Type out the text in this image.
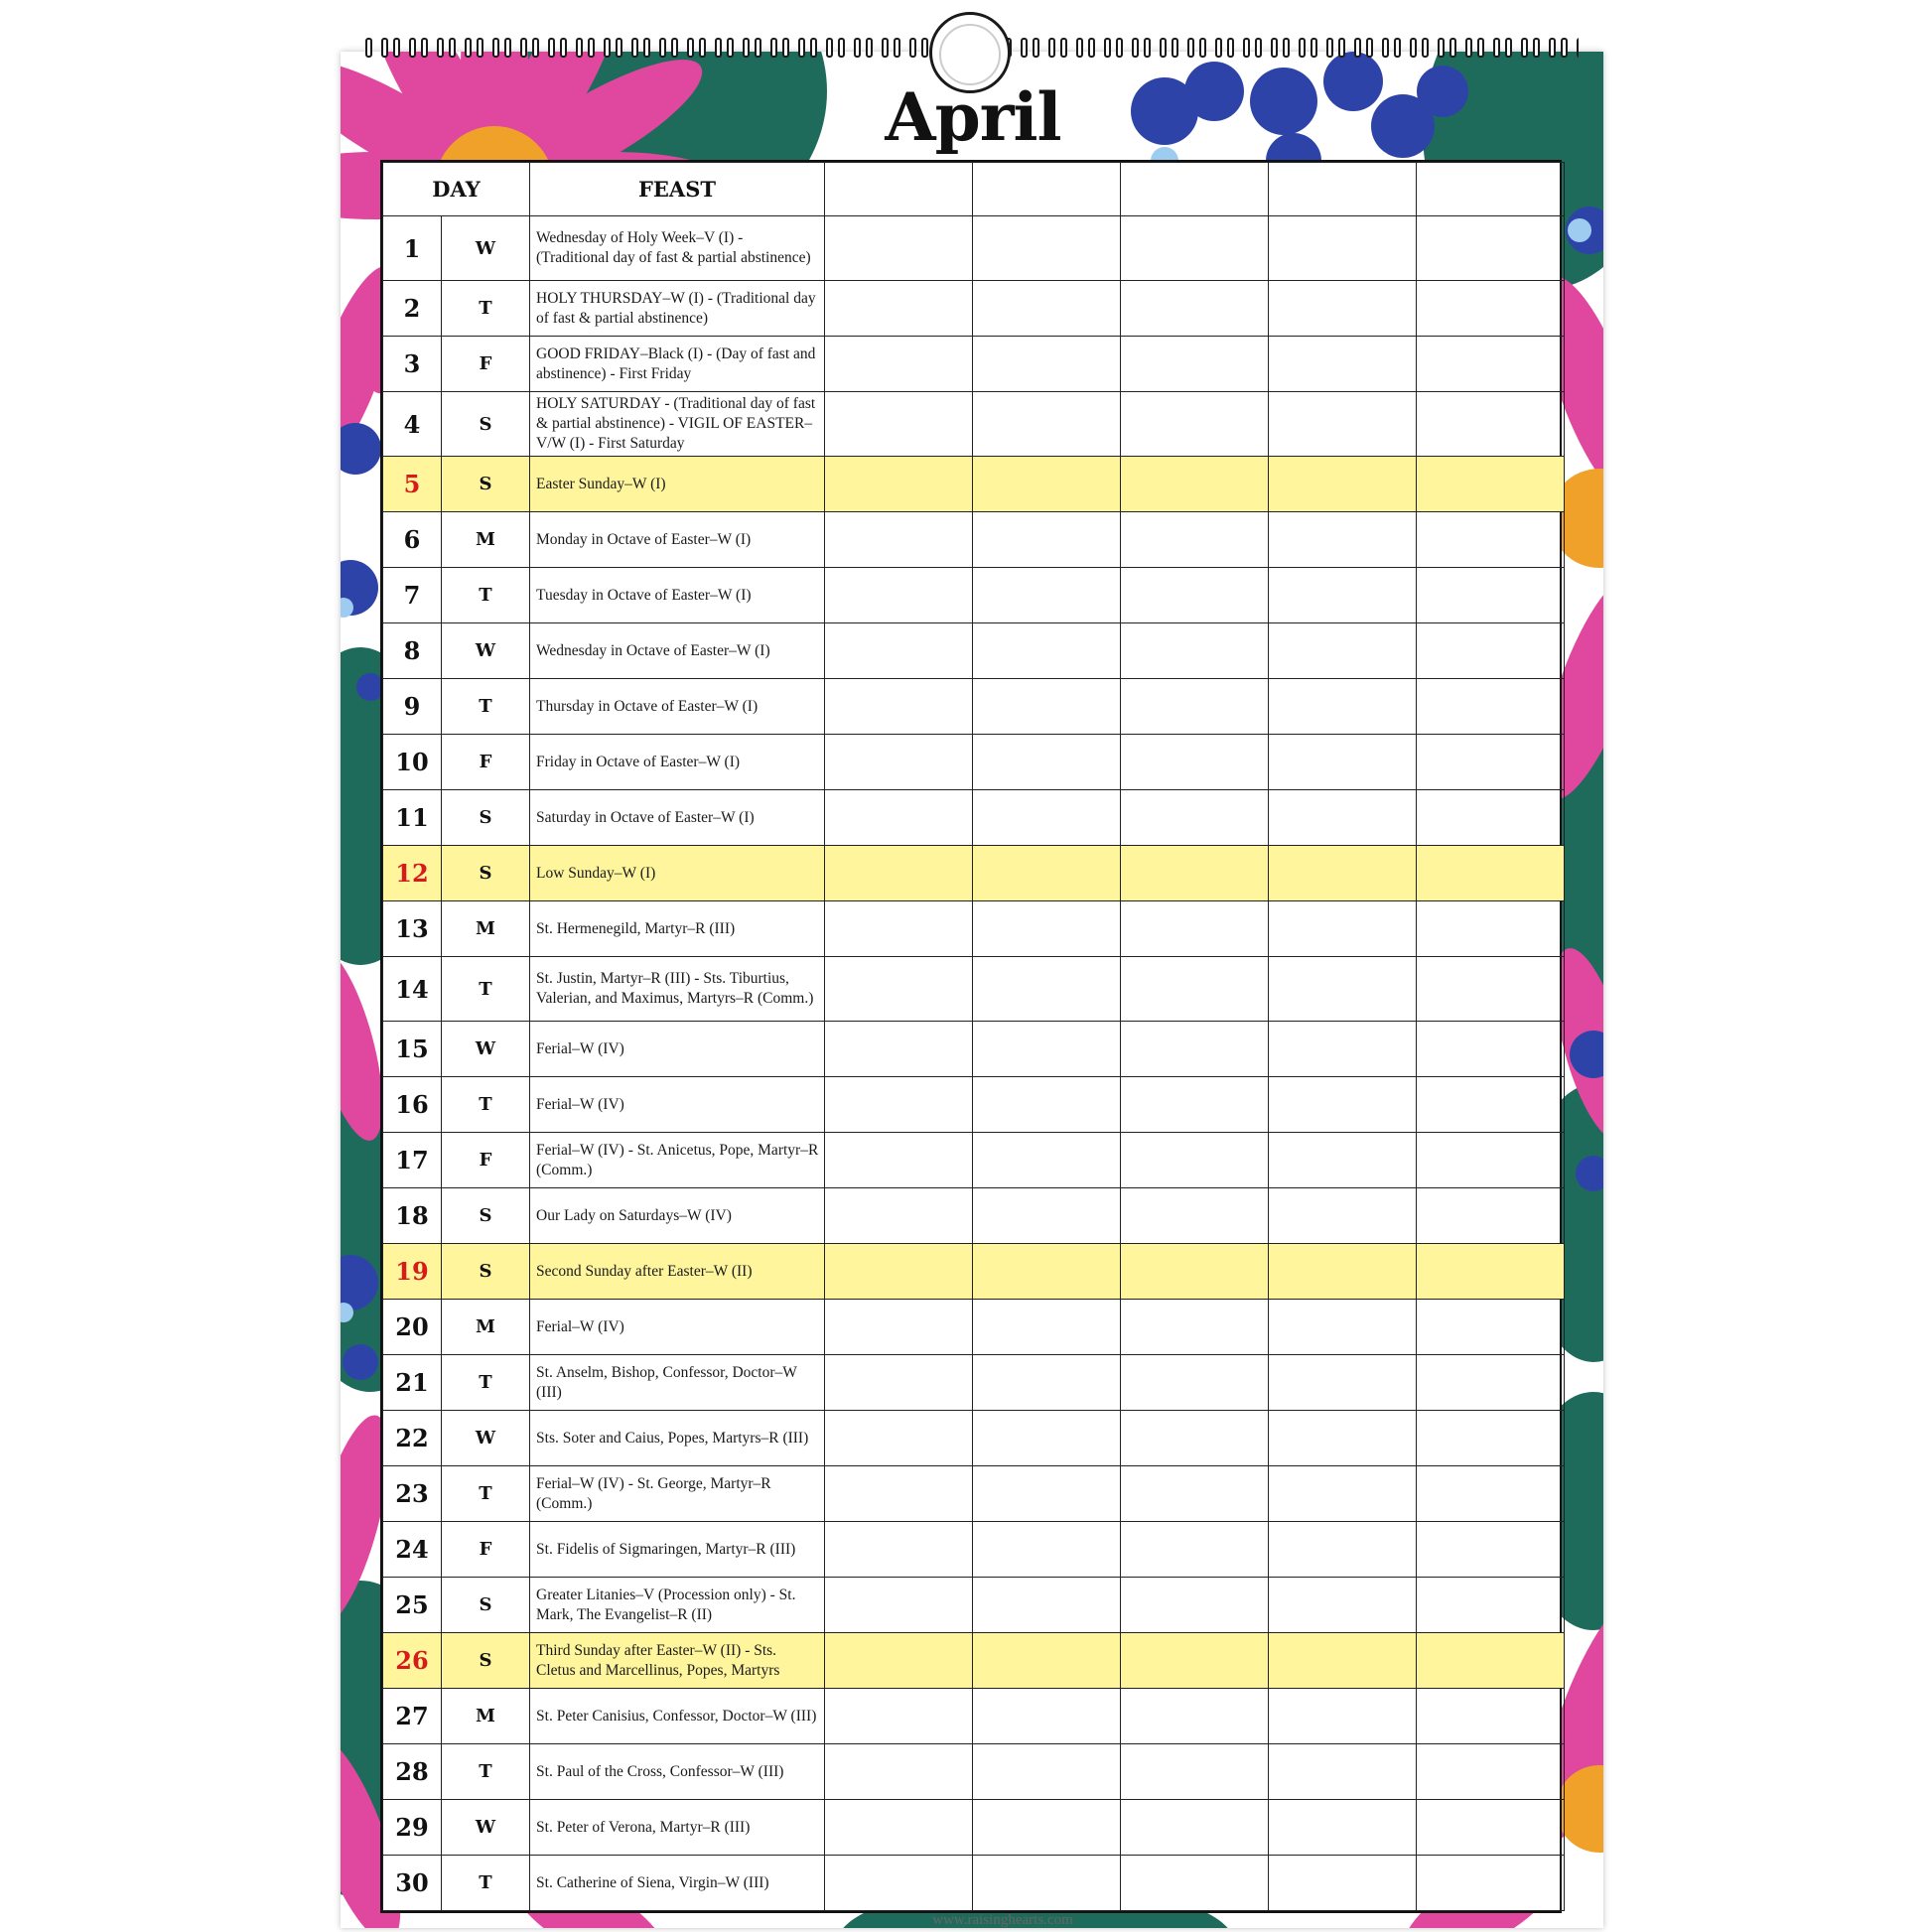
April
DAY		FEAST					
1	W	Wednesday of Holy Week–V (I) - (Traditional day of fast & partial abstinence)					
2	T	HOLY THURSDAY–W (I) - (Traditional day of fast & partial abstinence)					
3	F	GOOD FRIDAY–Black (I) - (Day of fast and abstinence) - First Friday					
4	S	HOLY SATURDAY - (Traditional day of fast & partial abstinence) - VIGIL OF EASTER–V/W (I) - First Saturday					
5	S	Easter Sunday–W (I)					
6	M	Monday in Octave of Easter–W (I)					
7	T	Tuesday in Octave of Easter–W (I)					
8	W	Wednesday in Octave of Easter–W (I)					
9	T	Thursday in Octave of Easter–W (I)					
10	F	Friday in Octave of Easter–W (I)					
11	S	Saturday in Octave of Easter–W (I)					
12	S	Low Sunday–W (I)					
13	M	St. Hermenegild, Martyr–R (III)					
14	T	St. Justin, Martyr–R (III) - Sts. Tiburtius, Valerian, and Maximus, Martyrs–R (Comm.)					
15	W	Ferial–W (IV)					
16	T	Ferial–W (IV)					
17	F	Ferial–W (IV) - St. Anicetus, Pope, Martyr–R (Comm.)					
18	S	Our Lady on Saturdays–W (IV)					
19	S	Second Sunday after Easter–W (II)					
20	M	Ferial–W (IV)					
21	T	St. Anselm, Bishop, Confessor, Doctor–W (III)					
22	W	Sts. Soter and Caius, Popes, Martyrs–R (III)					
23	T	Ferial–W (IV) - St. George, Martyr–R (Comm.)					
24	F	St. Fidelis of Sigmaringen, Martyr–R (III)					
25	S	Greater Litanies–V (Procession only) - St. Mark, The Evangelist–R (II)					
26	S	Third Sunday after Easter–W (II) - Sts. Cletus and Marcellinus, Popes, Martyrs					
27	M	St. Peter Canisius, Confessor, Doctor–W (III)					
28	T	St. Paul of the Cross, Confessor–W (III)					
29	W	St. Peter of Verona, Martyr–R (III)					
30	T	St. Catherine of Siena, Virgin–W (III)					
www.raisinghearts.com
